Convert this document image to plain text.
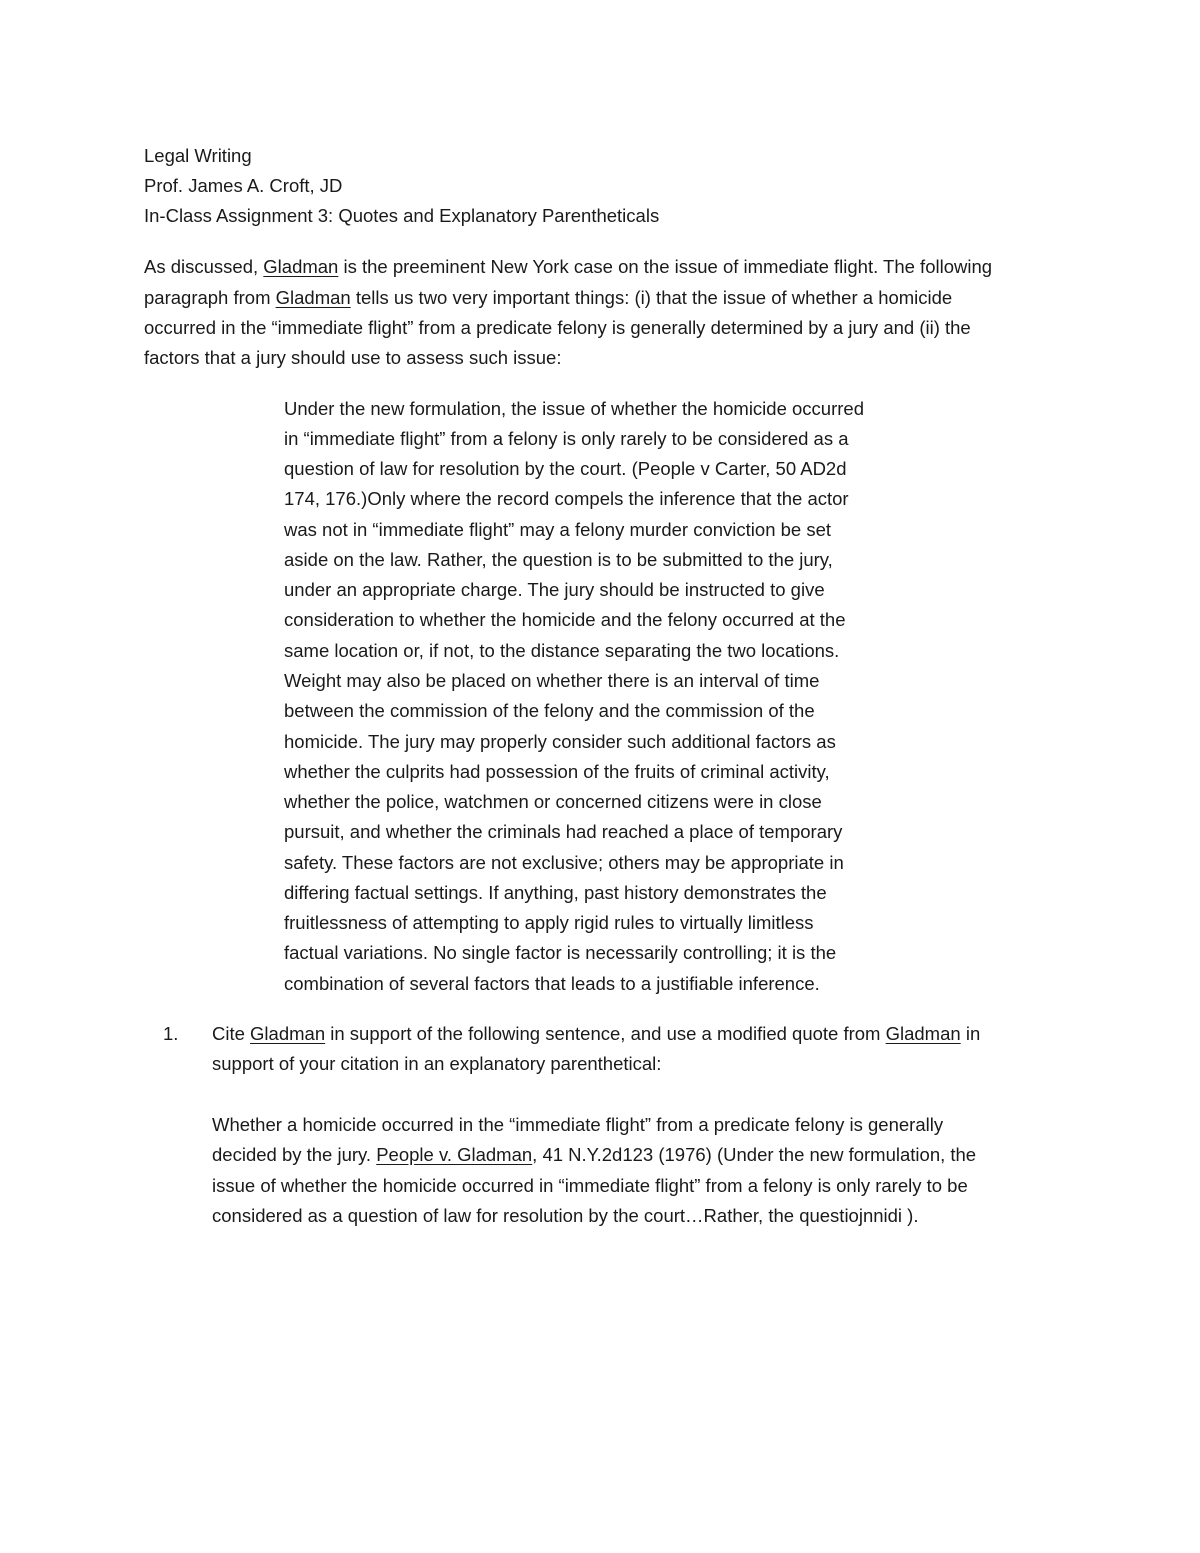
Legal Writing
Prof. James A. Croft, JD
In-Class Assignment 3: Quotes and Explanatory Parentheticals
As discussed, Gladman is the preeminent New York case on the issue of immediate flight. The following
paragraph from Gladman tells us two very important things: (i) that the issue of whether a homicide
occurred in the “immediate flight” from a predicate felony is generally determined by a jury and (ii) the
factors that a jury should use to assess such issue:
Under the new formulation, the issue of whether the homicide occurred
in “immediate flight” from a felony is only rarely to be considered as a
question of law for resolution by the court. (People v Carter, 50 AD2d
174, 176.)Only where the record compels the inference that the actor
was not in “immediate flight” may a felony murder conviction be set
aside on the law. Rather, the question is to be submitted to the jury,
under an appropriate charge. The jury should be instructed to give
consideration to whether the homicide and the felony occurred at the
same location or, if not, to the distance separating the two locations.
Weight may also be placed on whether there is an interval of time
between the commission of the felony and the commission of the
homicide. The jury may properly consider such additional factors as
whether the culprits had possession of the fruits of criminal activity,
whether the police, watchmen or concerned citizens were in close
pursuit, and whether the criminals had reached a place of temporary
safety. These factors are not exclusive; others may be appropriate in
differing factual settings. If anything, past history demonstrates the
fruitlessness of attempting to apply rigid rules to virtually limitless
factual variations. No single factor is necessarily controlling; it is the
combination of several factors that leads to a justifiable inference.
1. Cite Gladman in support of the following sentence, and use a modified quote from Gladman in
support of your citation in an explanatory parenthetical:
Whether a homicide occurred in the “immediate flight” from a predicate felony is generally
decided by the jury. People v. Gladman, 41 N.Y.2d123 (1976) (Under the new formulation, the
issue of whether the homicide occurred in “immediate flight” from a felony is only rarely to be
considered as a question of law for resolution by the court…Rather, the questiojnnidi ).
